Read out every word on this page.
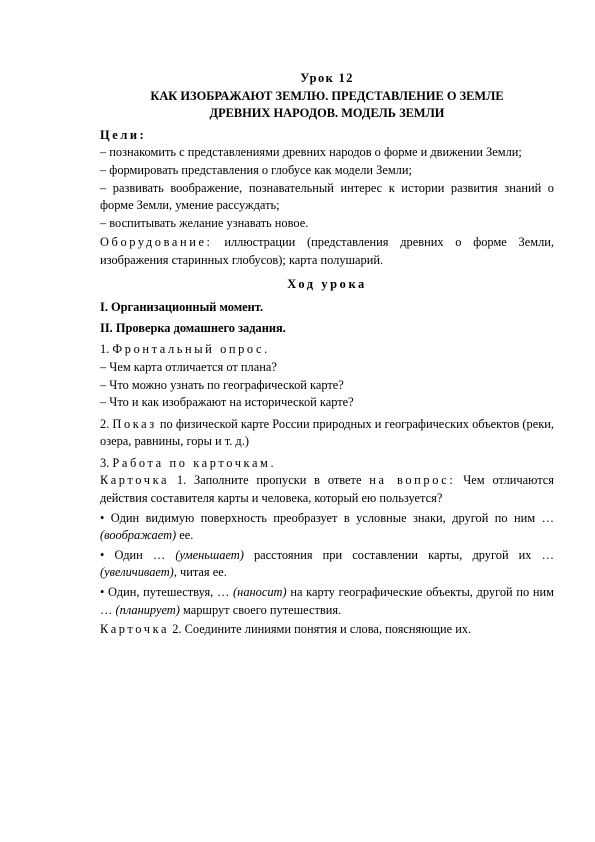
Урок 12
КАК ИЗОБРАЖАЮТ ЗЕМЛЮ. ПРЕДСТАВЛЕНИЕ О ЗЕМЛЕ
ДРЕВНИХ НАРОДОВ. МОДЕЛЬ ЗЕМЛИ

Цели:

– познакомить с представлениями древних народов о форме и движении Земли;

– формировать представления о глобусе как модели Земли;

– развивать воображение, познавательный интерес к истории развития знаний о форме Земли, умение рассуждать;

– воспитывать желание узнавать новое.

Оборудование: иллюстрации (представления древних о форме Земли, изображения старинных глобусов); карта полушарий.

Ход урока

I. Организационный момент.

II. Проверка домашнего задания.

1. Фронтальный опрос.

– Чем карта отличается от плана?

– Что можно узнать по географической карте?

– Что и как изображают на исторической карте?

2. Показ по физической карте России природных и географических объектов (реки, озера, равнины, горы и т. д.)

3. Работа по карточкам.

Карточка 1. Заполните пропуски в ответе на вопрос: Чем отличаются действия составителя карты и человека, который ею пользуется?

• Один видимую поверхность преобразует в условные знаки, другой по ним … (воображает) ее.

• Один … (уменьшает) расстояния при составлении карты, другой их … (увеличивает), читая ее.

• Один, путешествуя, … (наносит) на карту географические объекты, другой по ним … (планирует) маршрут своего путешествия.

Карточка 2. Соедините линиями понятия и слова, поясняющие их.
